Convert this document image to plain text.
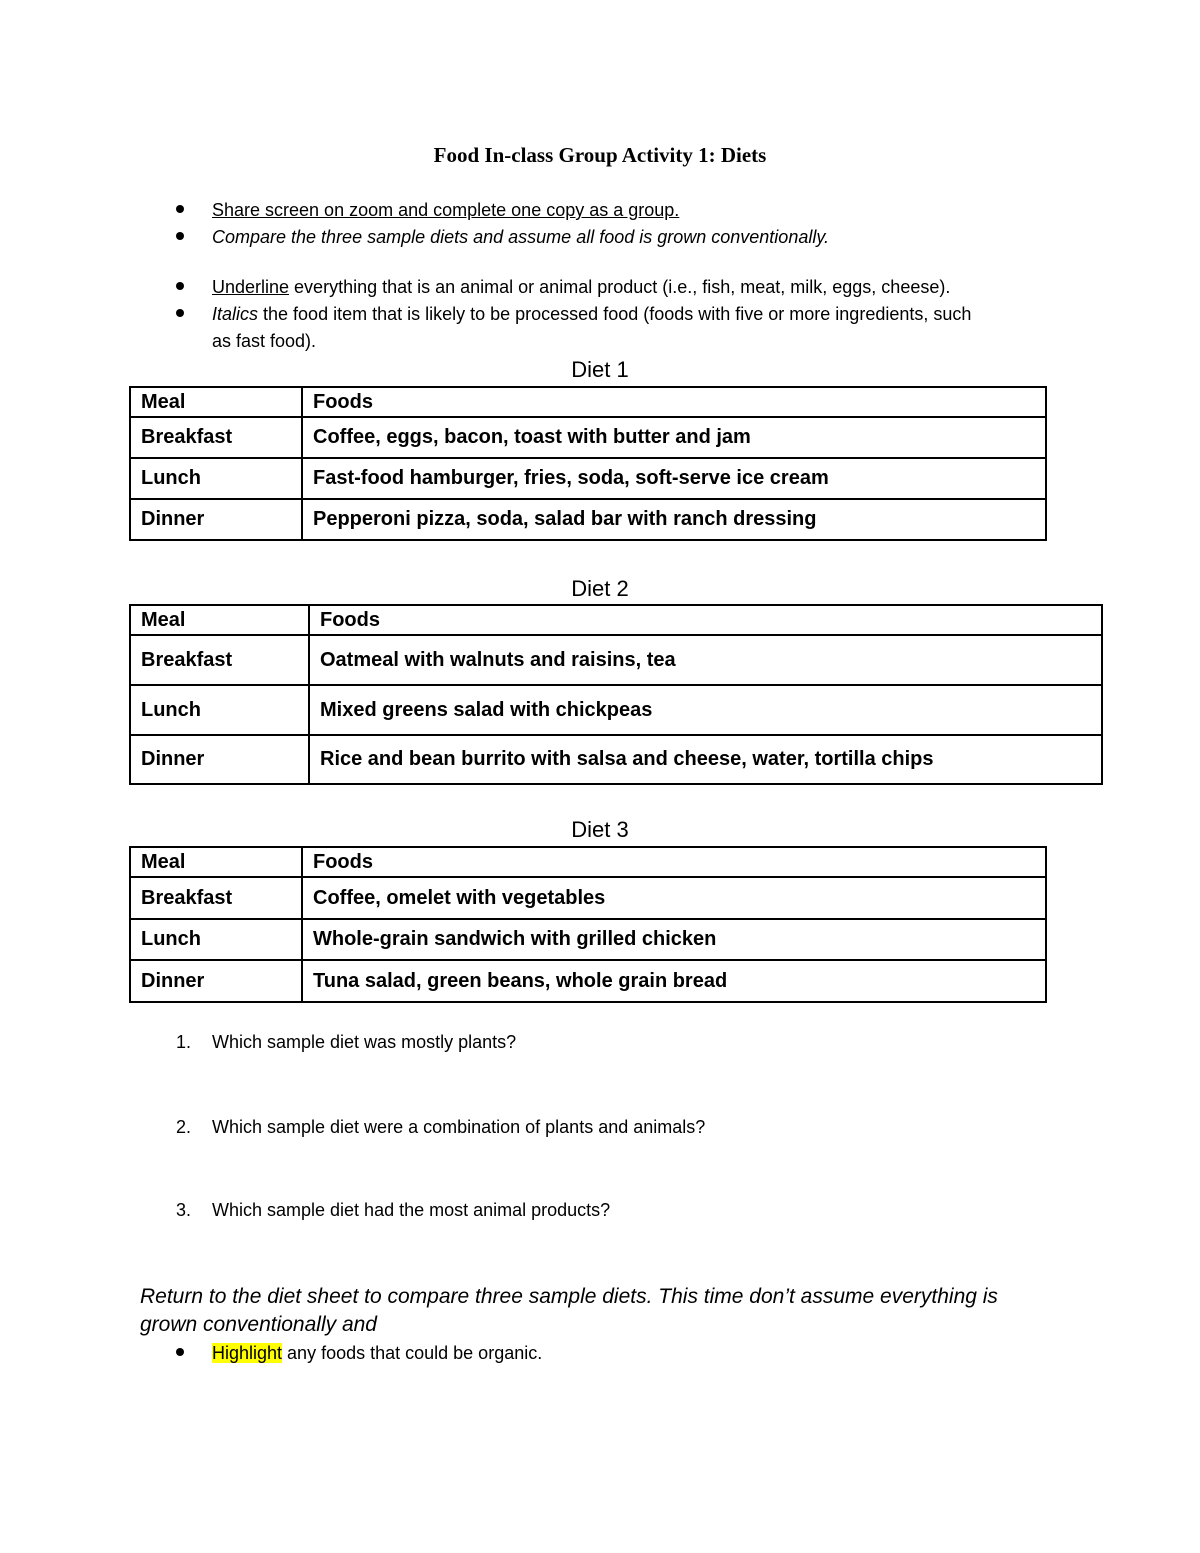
Food In-class Group Activity 1: Diets
Share screen on zoom and complete one copy as a group.
Compare the three sample diets and assume all food is grown conventionally.
Underline everything that is an animal or animal product (i.e., fish, meat, milk, eggs, cheese).
Italics the food item that is likely to be processed food (foods with five or more ingredients, such
as fast food).
Diet 1
Meal	Foods
Breakfast	Coffee, eggs, bacon, toast with butter and jam
Lunch	Fast-food hamburger, fries, soda, soft-serve ice cream
Dinner	Pepperoni pizza, soda, salad bar with ranch dressing
Diet 2
Meal	Foods
Breakfast	Oatmeal with walnuts and raisins, tea
Lunch	Mixed greens salad with chickpeas
Dinner	Rice and bean burrito with salsa and cheese, water, tortilla chips
Diet 3
Meal	Foods
Breakfast	Coffee, omelet with vegetables
Lunch	Whole-grain sandwich with grilled chicken
Dinner	Tuna salad, green beans, whole grain bread
1. Which sample diet was mostly plants?
2. Which sample diet were a combination of plants and animals?
3. Which sample diet had the most animal products?
Return to the diet sheet to compare three sample diets. This time don’t assume everything is
grown conventionally and
Highlight any foods that could be organic.
